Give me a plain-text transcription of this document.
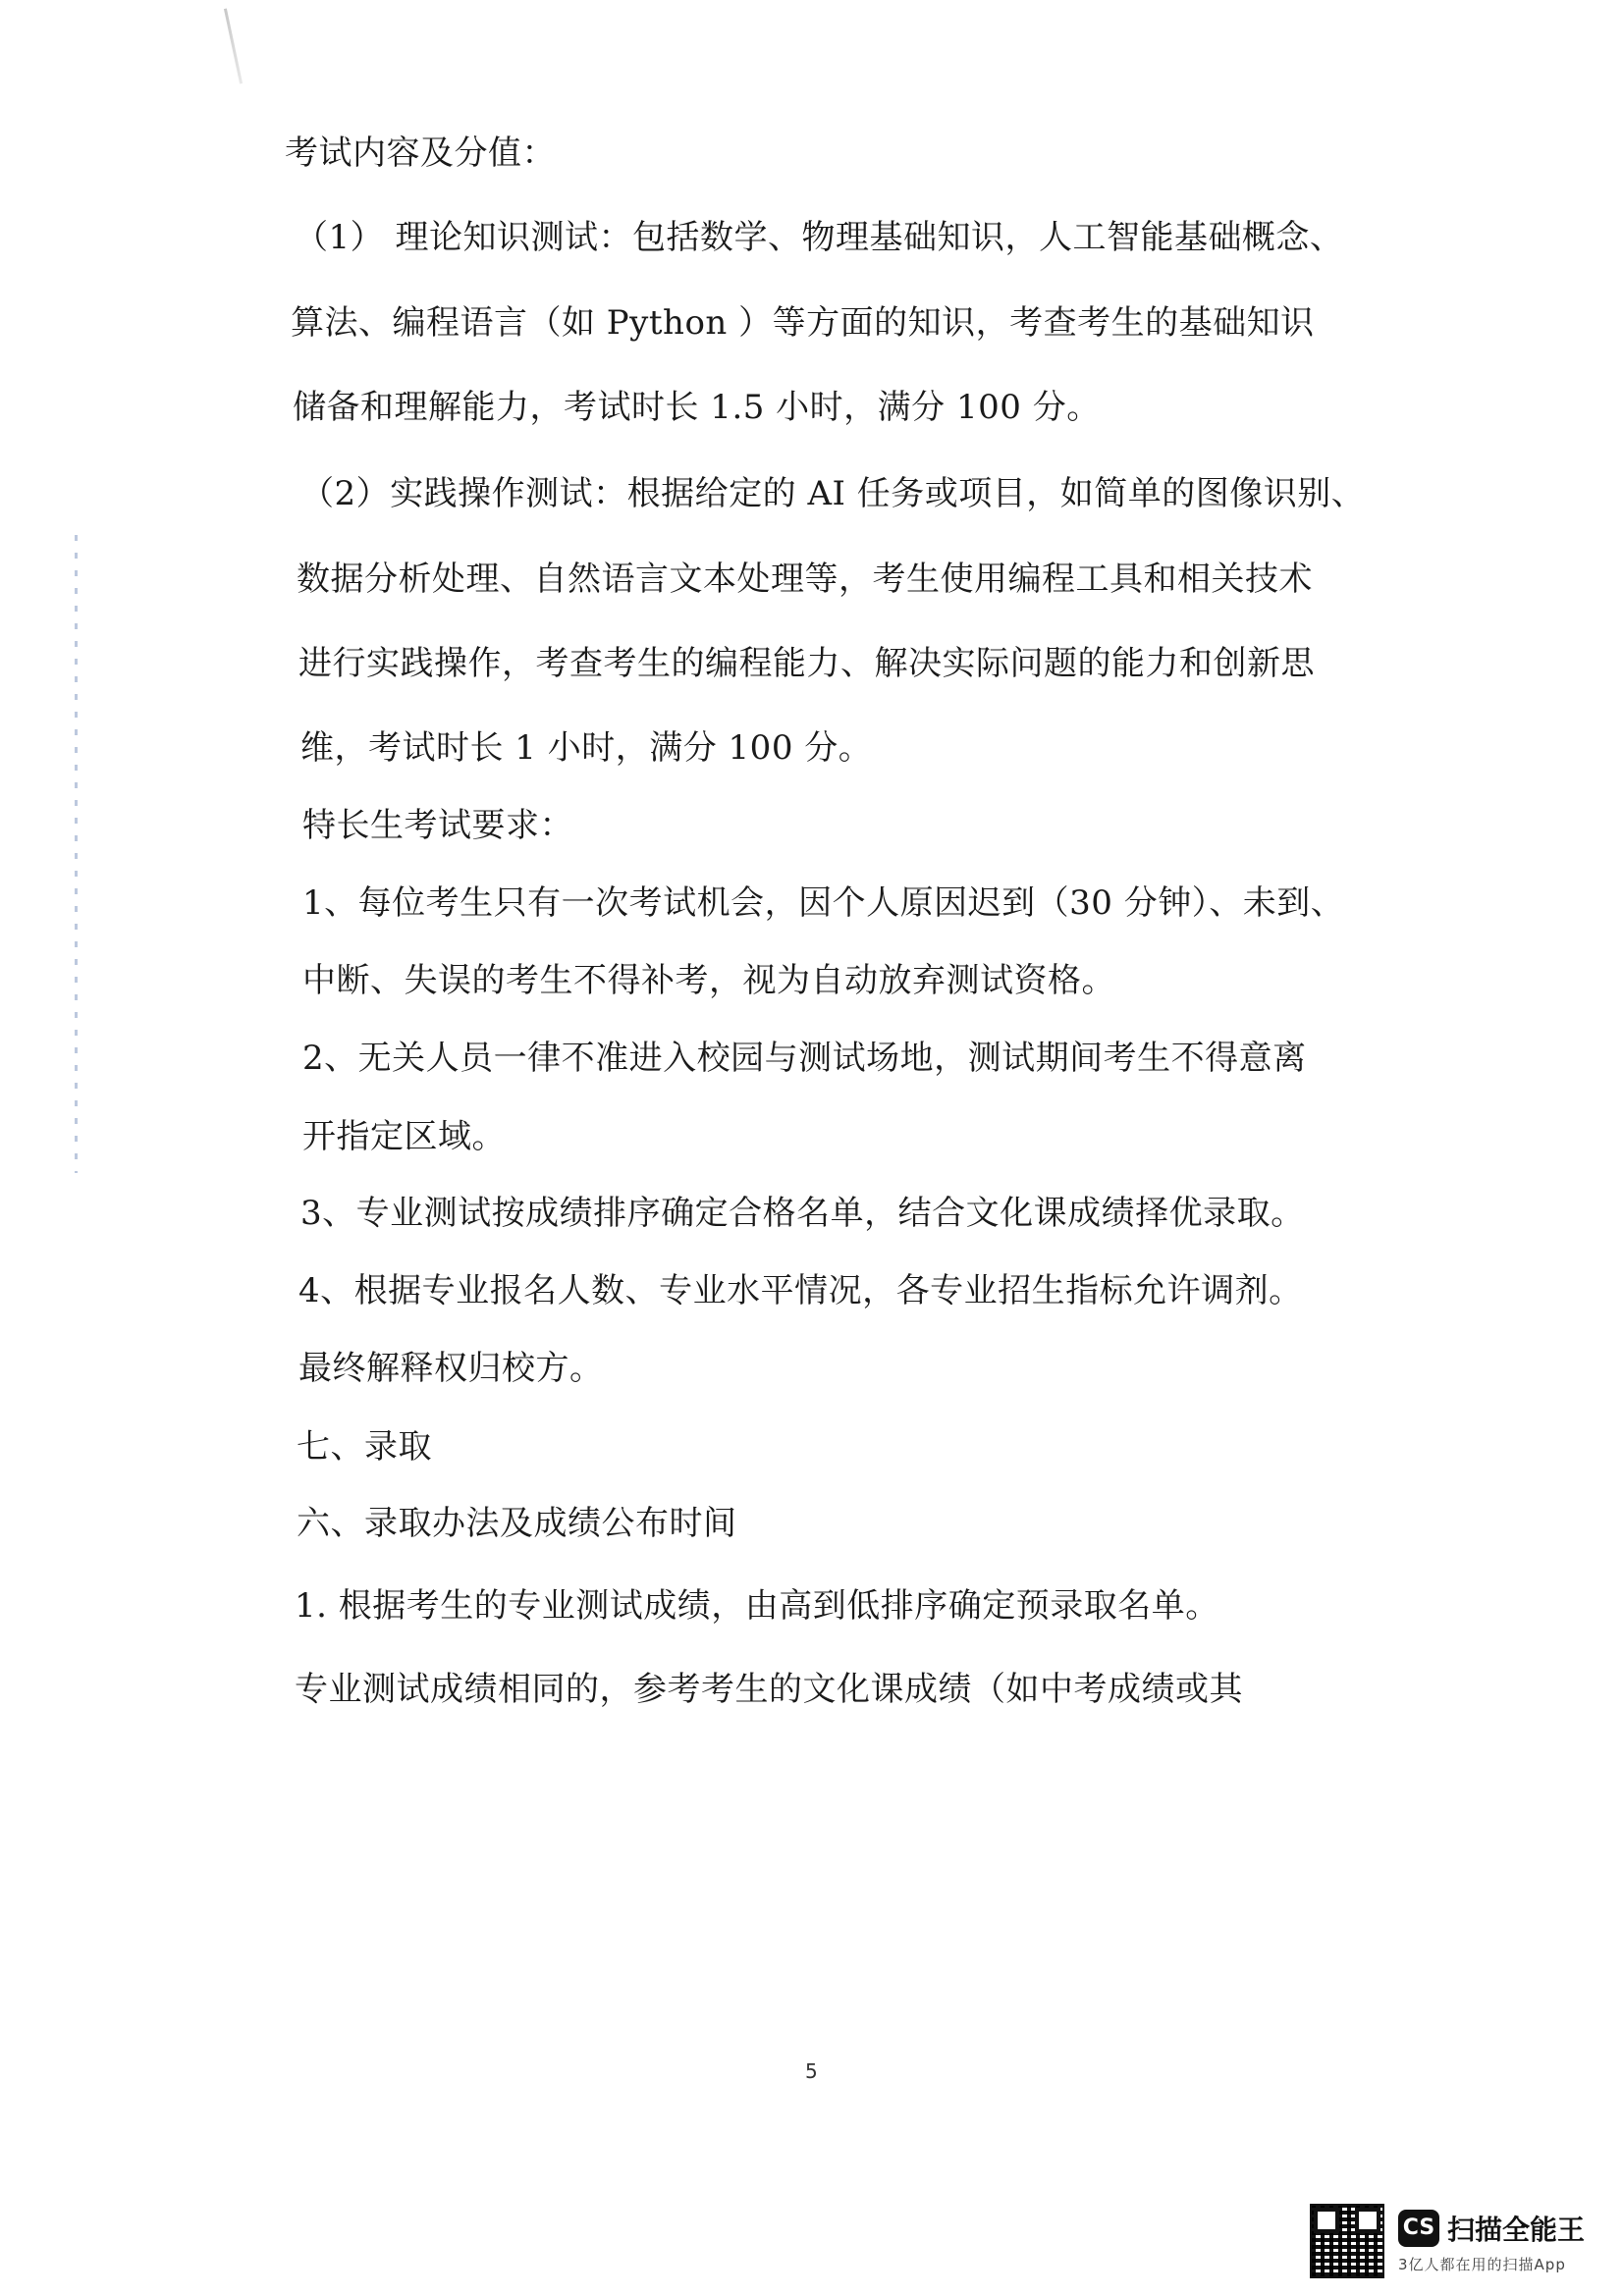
考试内容及分值：
（1） 理论知识测试：包括数学、物理基础知识，人工智能基础概念、
算法、编程语言（如 Python ）等方面的知识，考查考生的基础知识
储备和理解能力，考试时长 1.5 小时，满分 100 分。
（2）实践操作测试：根据给定的 AI 任务或项目，如简单的图像识别、
数据分析处理、自然语言文本处理等，考生使用编程工具和相关技术
进行实践操作，考查考生的编程能力、解决实际问题的能力和创新思
维，考试时长 1 小时，满分 100 分。
特长生考试要求：
1、每位考生只有一次考试机会，因个人原因迟到（30 分钟）、未到、
中断、失误的考生不得补考，视为自动放弃测试资格。
2、无关人员一律不准进入校园与测试场地，测试期间考生不得意离
开指定区域。
3、专业测试按成绩排序确定合格名单，结合文化课成绩择优录取。
4、根据专业报名人数、专业水平情况，各专业招生指标允许调剂。
最终解释权归校方。
七、录取
六、录取办法及成绩公布时间
1. 根据考生的专业测试成绩，由高到低排序确定预录取名单。
专业测试成绩相同的，参考考生的文化课成绩（如中考成绩或其
5
CS 扫描全能王
3亿人都在用的扫描App
